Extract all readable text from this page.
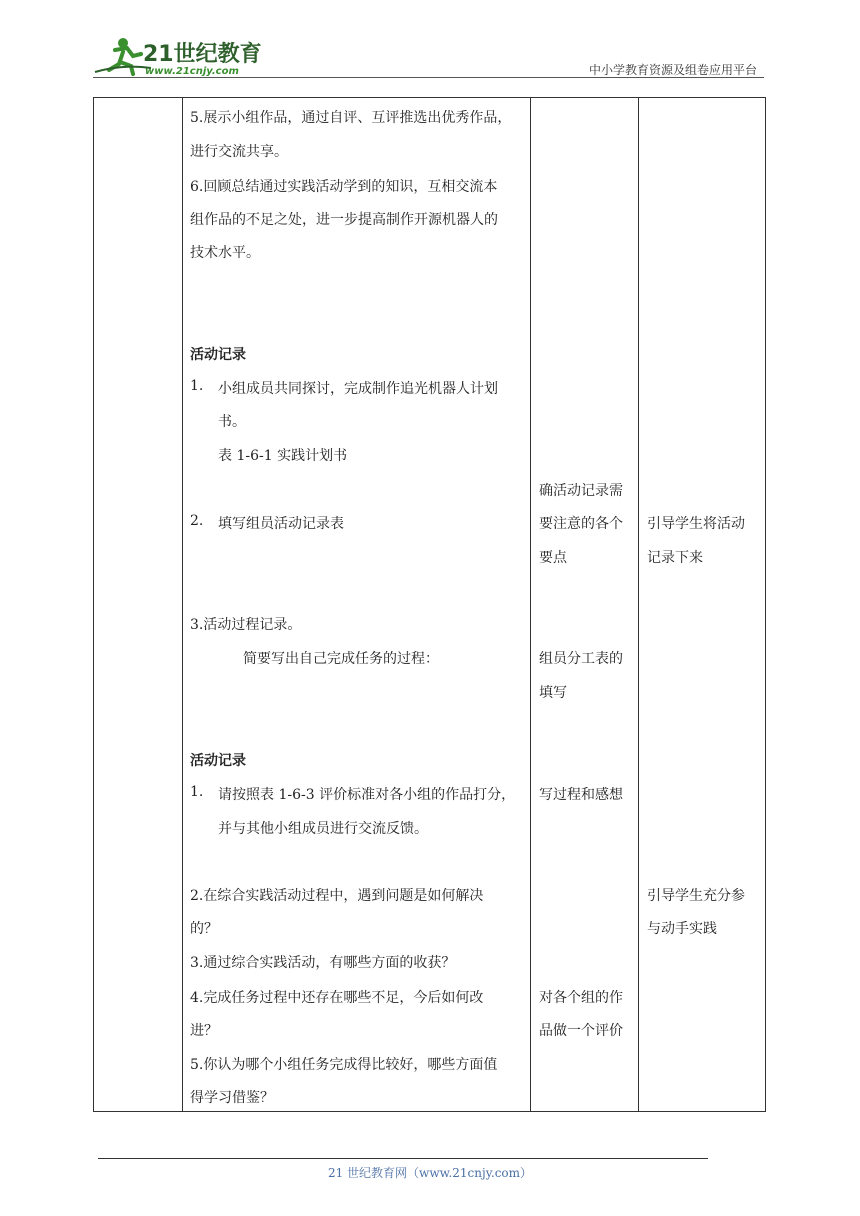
21世纪教育
www.21cnjy.com	中小学教育资源及组卷应用平台
5.展示小组作品，通过自评、互评推选出优秀作品，
进行交流共享。
6.回顾总结通过实践活动学到的知识，互相交流本
组作品的不足之处，进一步提高制作开源机器人的
技术水平。
活动记录
1. 小组成员共同探讨，完成制作追光机器人计划
书。
表 1-6-1 实践计划书
2. 填写组员活动记录表
3.活动过程记录。
简要写出自己完成任务的过程：
活动记录
1. 请按照表 1-6-3 评价标准对各小组的作品打分，
并与其他小组成员进行交流反馈。
2.在综合实践活动过程中，遇到问题是如何解决
的？
3.通过综合实践活动，有哪些方面的收获？
4.完成任务过程中还存在哪些不足，今后如何改
进？
5.你认为哪个小组任务完成得比较好，哪些方面值
得学习借鉴？
确活动记录需
要注意的各个
要点
组员分工表的
填写
写过程和感想
对各个组的作
品做一个评价
引导学生将活动
记录下来
引导学生充分参
与动手实践
21 世纪教育网（www.21cnjy.com）
